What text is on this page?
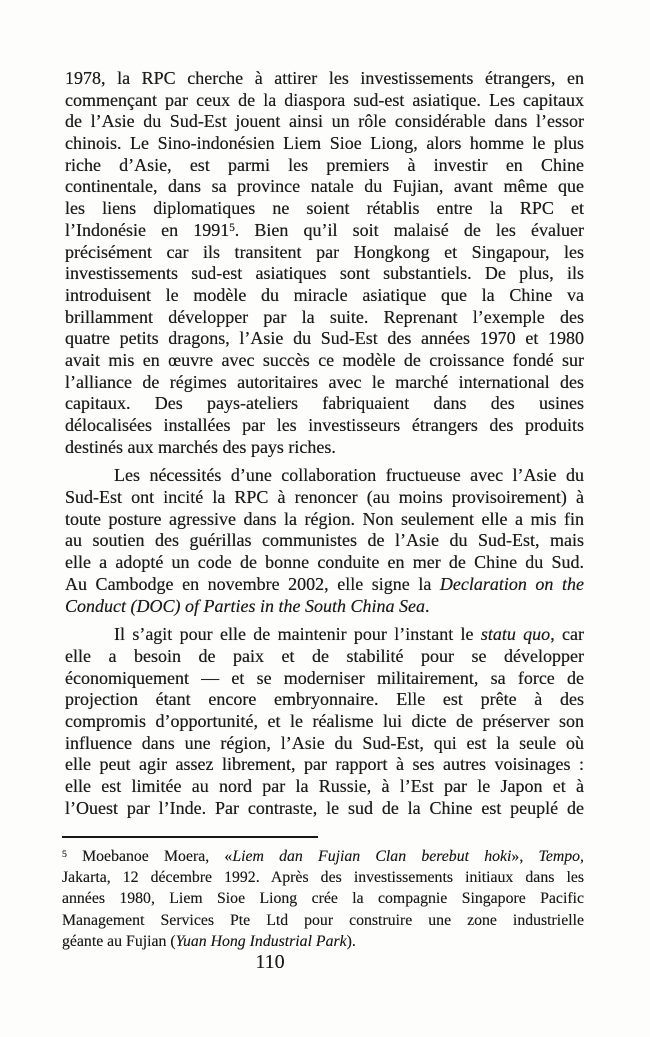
1978, la RPC cherche à attirer les investissements étrangers, en
commençant par ceux de la diaspora sud-est asiatique. Les capitaux
de l’Asie du Sud-Est jouent ainsi un rôle considérable dans l’essor
chinois. Le Sino-indonésien Liem Sioe Liong, alors homme le plus
riche d’Asie, est parmi les premiers à investir en Chine
continentale, dans sa province natale du Fujian, avant même que
les liens diplomatiques ne soient rétablis entre la RPC et
l’Indonésie en 1991$^5$. Bien qu’il soit malaisé de les évaluer
précisément car ils transitent par Hongkong et Singapour, les
investissements sud-est asiatiques sont substantiels. De plus, ils
introduisent le modèle du miracle asiatique que la Chine va
brillamment développer par la suite. Reprenant l’exemple des
quatre petits dragons, l’Asie du Sud-Est des années 1970 et 1980
avait mis en œuvre avec succès ce modèle de croissance fondé sur
l’alliance de régimes autoritaires avec le marché international des
capitaux. Des pays-ateliers fabriquaient dans des usines
délocalisées installées par les investisseurs étrangers des produits
destinés aux marchés des pays riches.
Les nécessités d’une collaboration fructueuse avec l’Asie du
Sud-Est ont incité la RPC à renoncer (au moins provisoirement) à
toute posture agressive dans la région. Non seulement elle a mis fin
au soutien des guérillas communistes de l’Asie du Sud-Est, mais
elle a adopté un code de bonne conduite en mer de Chine du Sud.
Au Cambodge en novembre 2002, elle signe la Declaration on the
Conduct (DOC) of Parties in the South China Sea.
Il s’agit pour elle de maintenir pour l’instant le statu quo, car
elle a besoin de paix et de stabilité pour se développer
économiquement — et se moderniser militairement, sa force de
projection étant encore embryonnaire. Elle est prête à des
compromis d’opportunité, et le réalisme lui dicte de préserver son
influence dans une région, l’Asie du Sud-Est, qui est la seule où
elle peut agir assez librement, par rapport à ses autres voisinages :
elle est limitée au nord par la Russie, à l’Est par le Japon et à
l’Ouest par l’Inde. Par contraste, le sud de la Chine est peuplé de
$^5$ Moebanoe Moera, «Liem dan Fujian Clan berebut hoki», Tempo,
Jakarta, 12 décembre 1992. Après des investissements initiaux dans les
années 1980, Liem Sioe Liong crée la compagnie Singapore Pacific
Management Services Pte Ltd pour construire une zone industrielle
géante au Fujian (Yuan Hong Industrial Park).
110
